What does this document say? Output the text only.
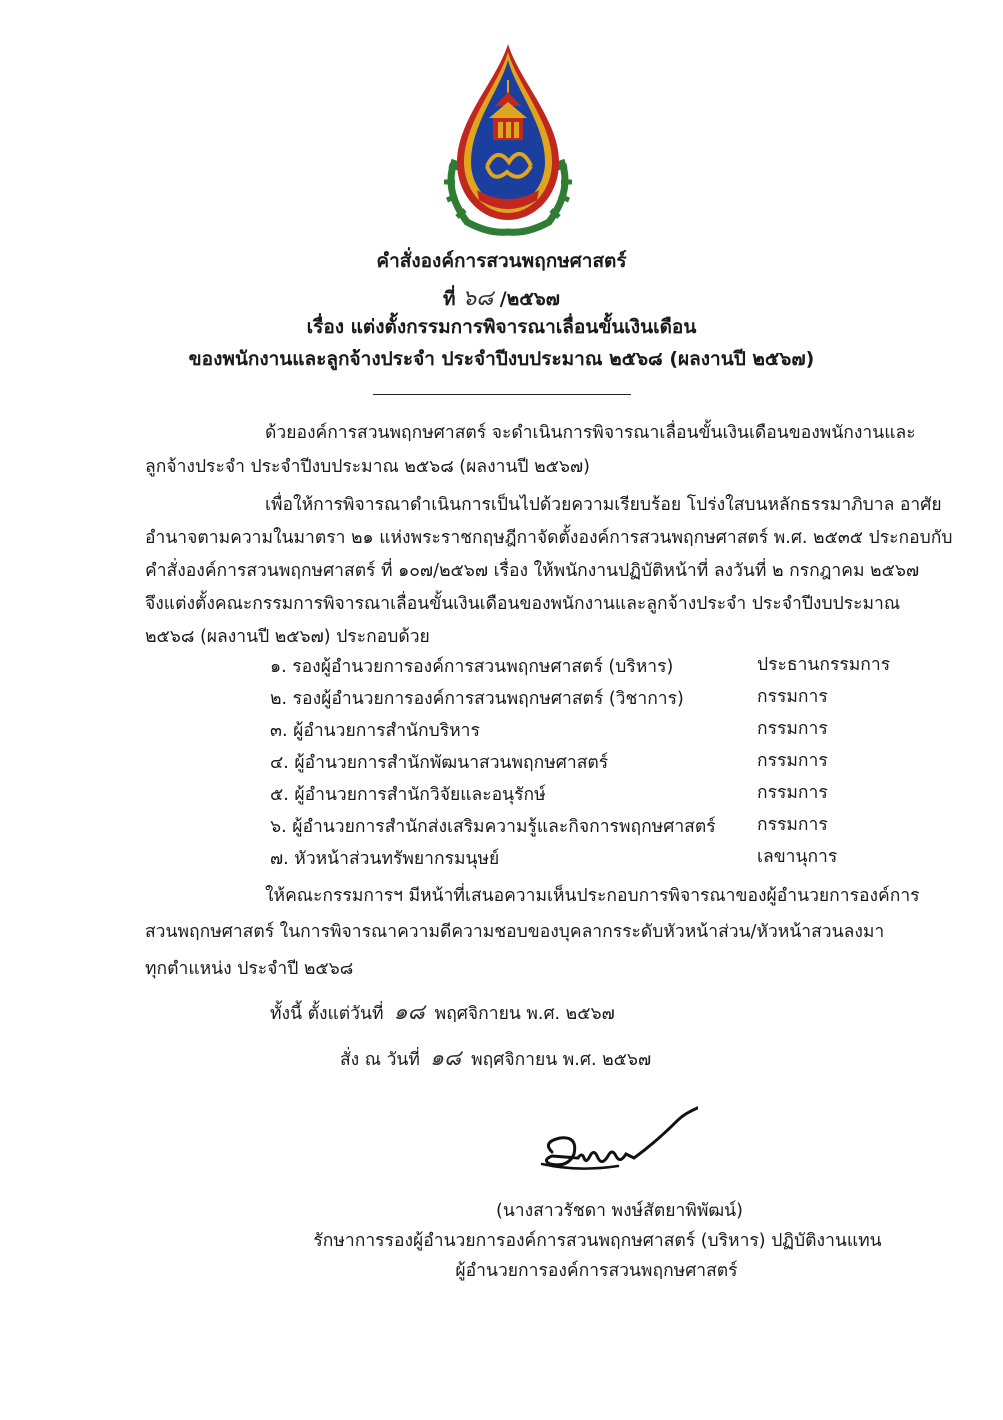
คำสั่งองค์การสวนพฤกษศาสตร์
ที่ ๖๘ /๒๕๖๗
เรื่อง แต่งตั้งกรรมการพิจารณาเลื่อนขั้นเงินเดือน
ของพนักงานและลูกจ้างประจำ ประจำปีงบประมาณ ๒๕๖๘ (ผลงานปี ๒๕๖๗)
ด้วยองค์การสวนพฤกษศาสตร์ จะดำเนินการพิจารณาเลื่อนขั้นเงินเดือนของพนักงานและ
ลูกจ้างประจำ ประจำปีงบประมาณ ๒๕๖๘ (ผลงานปี ๒๕๖๗)
เพื่อให้การพิจารณาดำเนินการเป็นไปด้วยความเรียบร้อย โปร่งใสบนหลักธรรมาภิบาล อาศัย
อำนาจตามความในมาตรา ๒๑ แห่งพระราชกฤษฎีกาจัดตั้งองค์การสวนพฤกษศาสตร์ พ.ศ. ๒๕๓๕ ประกอบกับ
คำสั่งองค์การสวนพฤกษศาสตร์ ที่ ๑๐๗/๒๕๖๗ เรื่อง ให้พนักงานปฏิบัติหน้าที่ ลงวันที่ ๒ กรกฎาคม ๒๕๖๗
จึงแต่งตั้งคณะกรรมการพิจารณาเลื่อนขั้นเงินเดือนของพนักงานและลูกจ้างประจำ ประจำปีงบประมาณ
๒๕๖๘ (ผลงานปี ๒๕๖๗) ประกอบด้วย
๑. รองผู้อำนวยการองค์การสวนพฤกษศาสตร์ (บริหาร)	ประธานกรรมการ
๒. รองผู้อำนวยการองค์การสวนพฤกษศาสตร์ (วิชาการ)	กรรมการ
๓. ผู้อำนวยการสำนักบริหาร	กรรมการ
๔. ผู้อำนวยการสำนักพัฒนาสวนพฤกษศาสตร์	กรรมการ
๕. ผู้อำนวยการสำนักวิจัยและอนุรักษ์	กรรมการ
๖. ผู้อำนวยการสำนักส่งเสริมความรู้และกิจการพฤกษศาสตร์ กรรมการ
๗. หัวหน้าส่วนทรัพยากรมนุษย์	เลขานุการ
ให้คณะกรรมการฯ มีหน้าที่เสนอความเห็นประกอบการพิจารณาของผู้อำนวยการองค์การ
สวนพฤกษศาสตร์ ในการพิจารณาความดีความชอบของบุคลากรระดับหัวหน้าส่วน/หัวหน้าสวนลงมา
ทุกตำแหน่ง ประจำปี ๒๕๖๘
ทั้งนี้ ตั้งแต่วันที่ ๑๘ พฤศจิกายน พ.ศ. ๒๕๖๗
สั่ง ณ วันที่ ๑๘ พฤศจิกายน พ.ศ. ๒๕๖๗
(นางสาวรัชดา พงษ์สัตยาพิพัฒน์)
รักษาการรองผู้อำนวยการองค์การสวนพฤกษศาสตร์ (บริหาร) ปฏิบัติงานแทน
ผู้อำนวยการองค์การสวนพฤกษศาสตร์
